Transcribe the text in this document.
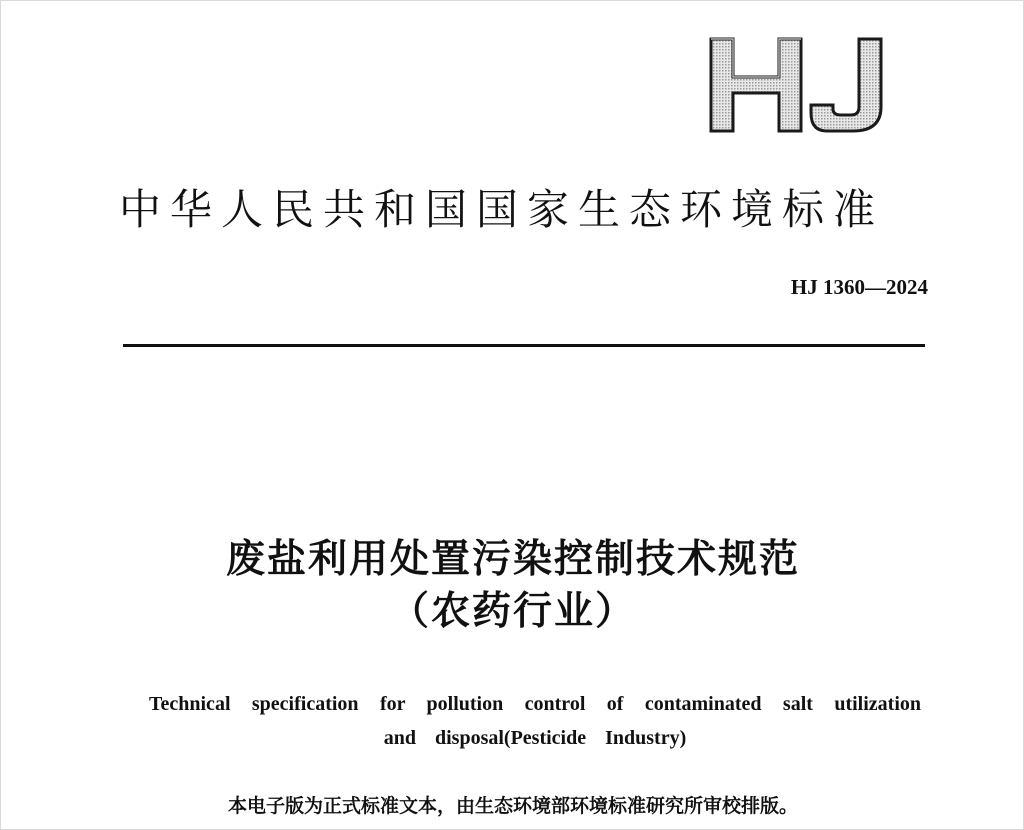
中华人民共和国国家生态环境标准
HJ 1360—2024
废盐利用处置污染控制技术规范
（农药行业）
Technical specification for pollution control of contaminated salt utilization
and disposal(Pesticide Industry)
本电子版为正式标准文本，由生态环境部环境标准研究所审校排版。
